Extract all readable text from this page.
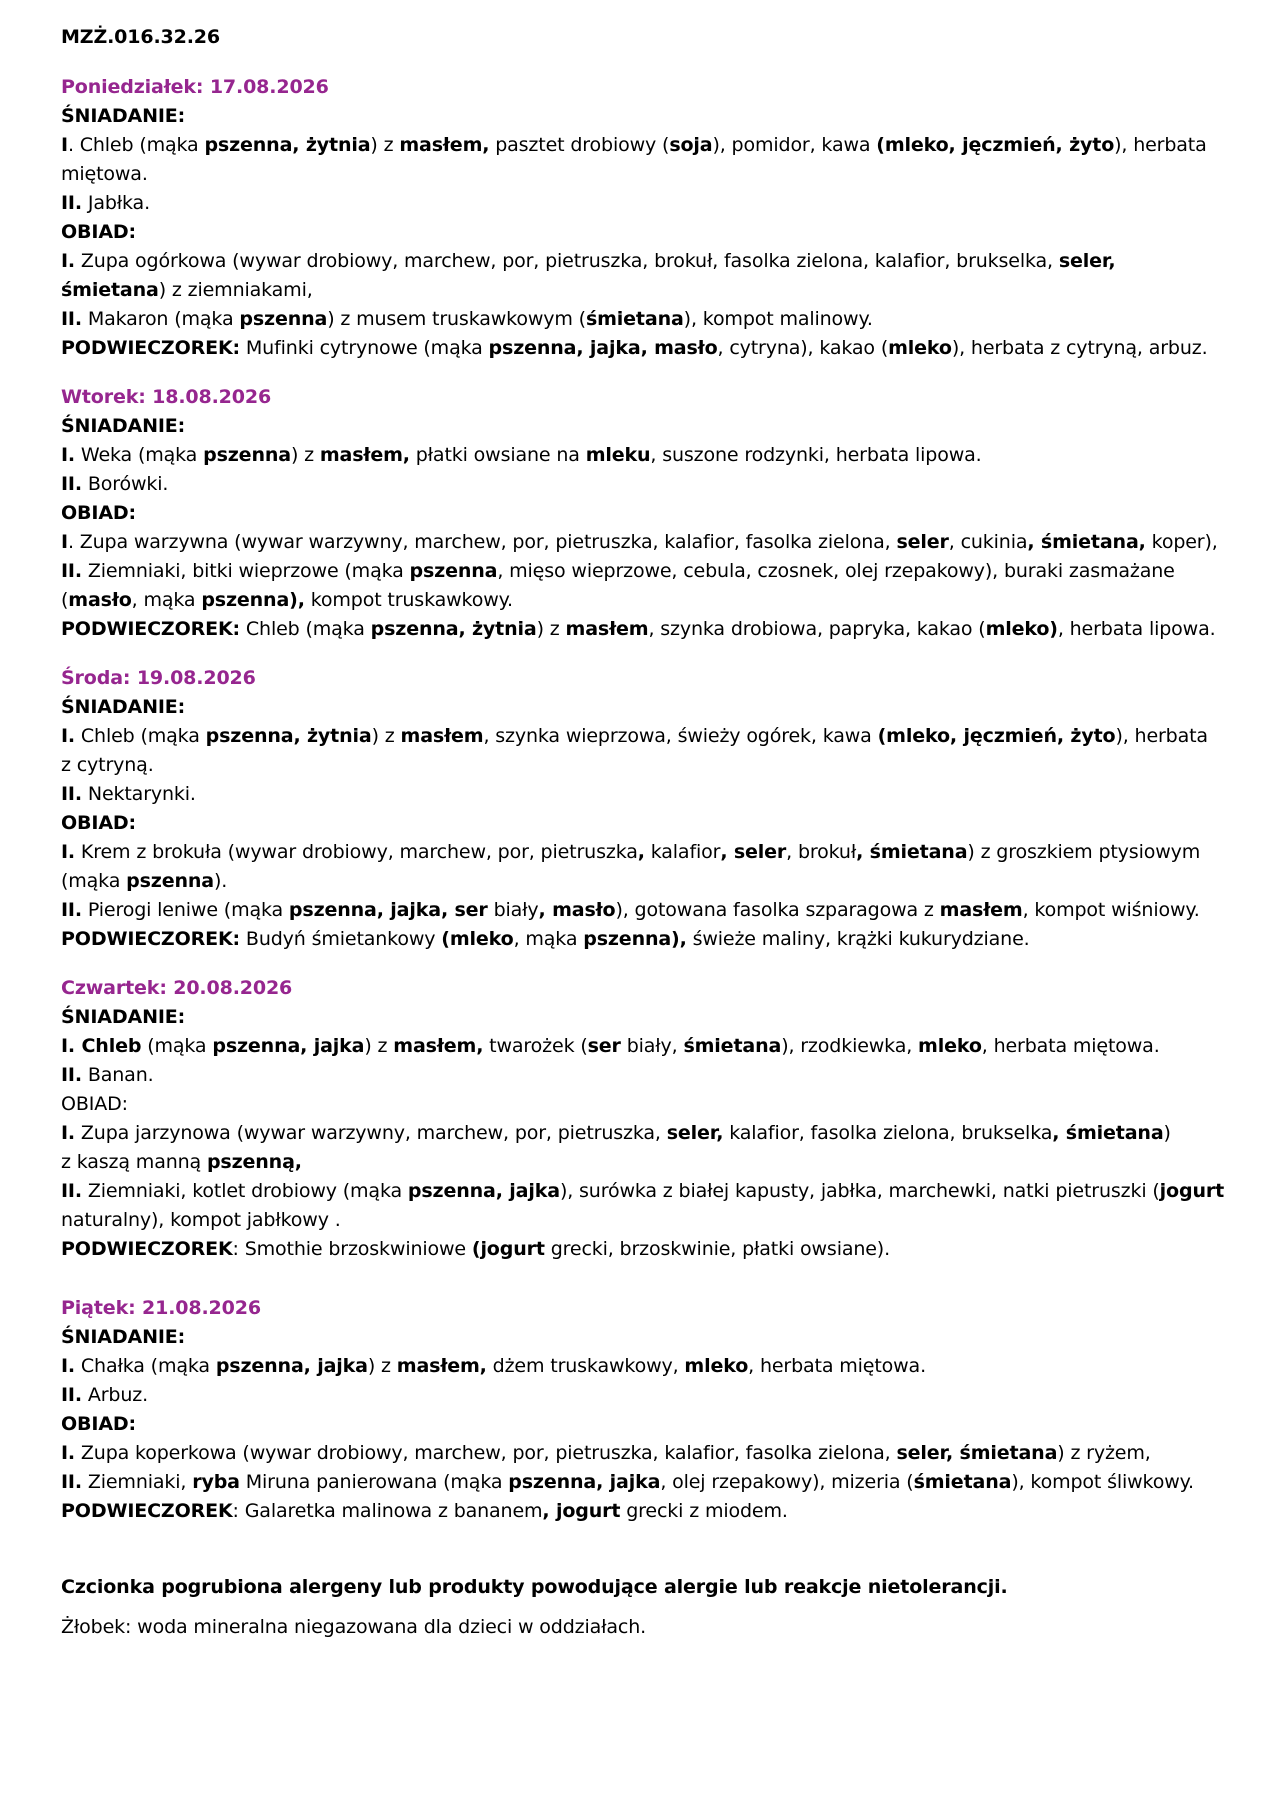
MZŻ.016.32.26

Poniedziałek: 17.08.2026

ŚNIADANIE:

I. Chleb (mąka pszenna, żytnia) z masłem, pasztet drobiowy (soja), pomidor, kawa (mleko, jęczmień, żyto), herbata

miętowa.

II. Jabłka.

OBIAD:

I. Zupa ogórkowa (wywar drobiowy, marchew, por, pietruszka, brokuł, fasolka zielona, kalafior, brukselka, seler,

śmietana) z ziemniakami,

II. Makaron (mąka pszenna) z musem truskawkowym (śmietana), kompot malinowy.

PODWIECZOREK: Mufinki cytrynowe (mąka pszenna, jajka, masło, cytryna), kakao (mleko), herbata z cytryną, arbuz.

Wtorek: 18.08.2026

ŚNIADANIE:

I. Weka (mąka pszenna) z masłem, płatki owsiane na mleku, suszone rodzynki, herbata lipowa.

II. Borówki.

OBIAD:

I. Zupa warzywna (wywar warzywny, marchew, por, pietruszka, kalafior, fasolka zielona, seler, cukinia, śmietana, koper),

II. Ziemniaki, bitki wieprzowe (mąka pszenna, mięso wieprzowe, cebula, czosnek, olej rzepakowy), buraki zasmażane

(masło, mąka pszenna), kompot truskawkowy.

PODWIECZOREK: Chleb (mąka pszenna, żytnia) z masłem, szynka drobiowa, papryka, kakao (mleko), herbata lipowa.

Środa: 19.08.2026

ŚNIADANIE:

I. Chleb (mąka pszenna, żytnia) z masłem, szynka wieprzowa, świeży ogórek, kawa (mleko, jęczmień, żyto), herbata

z cytryną.

II. Nektarynki.

OBIAD:

I. Krem z brokuła (wywar drobiowy, marchew, por, pietruszka, kalafior, seler, brokuł, śmietana) z groszkiem ptysiowym

(mąka pszenna).

II. Pierogi leniwe (mąka pszenna, jajka, ser biały, masło), gotowana fasolka szparagowa z masłem, kompot wiśniowy.

PODWIECZOREK: Budyń śmietankowy (mleko, mąka pszenna), świeże maliny, krążki kukurydziane.

Czwartek: 20.08.2026

ŚNIADANIE:

I. Chleb (mąka pszenna, jajka) z masłem, twarożek (ser biały, śmietana), rzodkiewka, mleko, herbata miętowa.

II. Banan.

OBIAD:

I. Zupa jarzynowa (wywar warzywny, marchew, por, pietruszka, seler, kalafior, fasolka zielona, brukselka, śmietana)

z kaszą manną pszenną,

II. Ziemniaki, kotlet drobiowy (mąka pszenna, jajka), surówka z białej kapusty, jabłka, marchewki, natki pietruszki (jogurt

naturalny), kompot jabłkowy .

PODWIECZOREK: Smothie brzoskwiniowe (jogurt grecki, brzoskwinie, płatki owsiane).

Piątek: 21.08.2026

ŚNIADANIE:

I. Chałka (mąka pszenna, jajka) z masłem, dżem truskawkowy, mleko, herbata miętowa.

II. Arbuz.

OBIAD:

I. Zupa koperkowa (wywar drobiowy, marchew, por, pietruszka, kalafior, fasolka zielona, seler, śmietana) z ryżem,

II. Ziemniaki, ryba Miruna panierowana (mąka pszenna, jajka, olej rzepakowy), mizeria (śmietana), kompot śliwkowy.

PODWIECZOREK: Galaretka malinowa z bananem, jogurt grecki z miodem.

Czcionka pogrubiona alergeny lub produkty powodujące alergie lub reakcje nietolerancji.

Żłobek: woda mineralna niegazowana dla dzieci w oddziałach.
